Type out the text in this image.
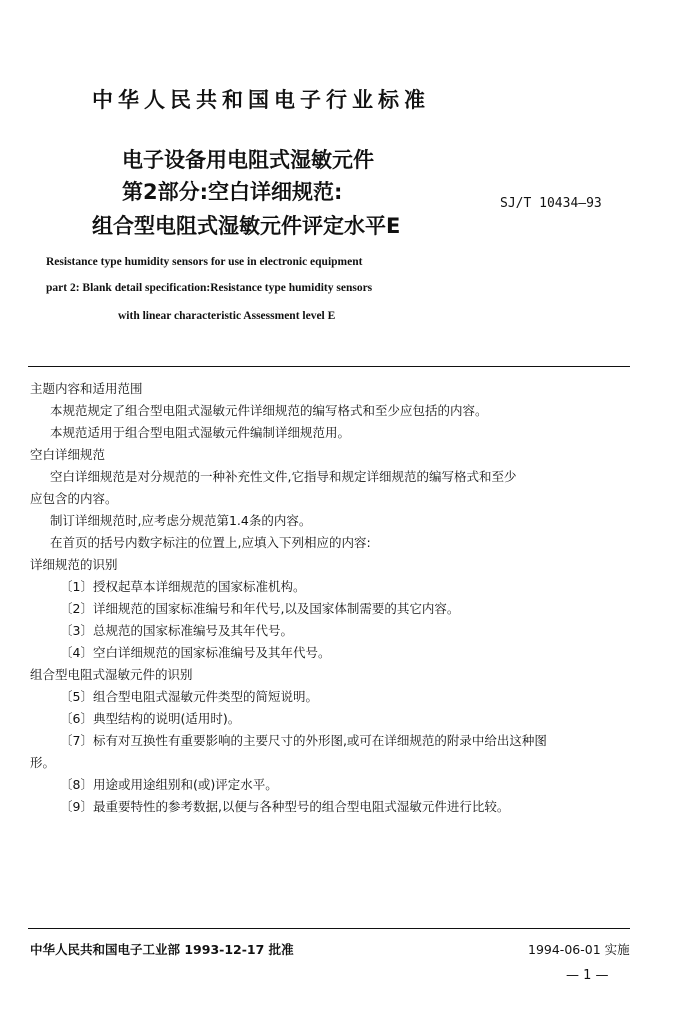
中华人民共和国电子行业标准
电子设备用电阻式湿敏元件
第2部分:空白详细规范:
组合型电阻式湿敏元件评定水平E
SJ/T 10434—93
Resistance type humidity sensors for use in electronic equipment
part 2: Blank detail specification:Resistance type humidity sensors
with linear characteristic Assessment level E
主题内容和适用范围
本规范规定了组合型电阻式湿敏元件详细规范的编写格式和至少应包括的内容。
本规范适用于组合型电阻式湿敏元件编制详细规范用。
空白详细规范
空白详细规范是对分规范的一种补充性文件,它指导和规定详细规范的编写格式和至少
应包含的内容。
制订详细规范时,应考虑分规范第1.4条的内容。
在首页的括号内数字标注的位置上,应填入下列相应的内容:
详细规范的识别
〔1〕授权起草本详细规范的国家标准机构。
〔2〕详细规范的国家标准编号和年代号,以及国家体制需要的其它内容。
〔3〕总规范的国家标准编号及其年代号。
〔4〕空白详细规范的国家标准编号及其年代号。
组合型电阻式湿敏元件的识别
〔5〕组合型电阻式湿敏元件类型的简短说明。
〔6〕典型结构的说明(适用时)。
〔7〕标有对互换性有重要影响的主要尺寸的外形图,或可在详细规范的附录中给出这种图
形。
〔8〕用途或用途组别和(或)评定水平。
〔9〕最重要特性的参考数据,以便与各种型号的组合型电阻式湿敏元件进行比较。
中华人民共和国电子工业部 1993-12-17 批准	1994-06-01 实施
— 1 —
